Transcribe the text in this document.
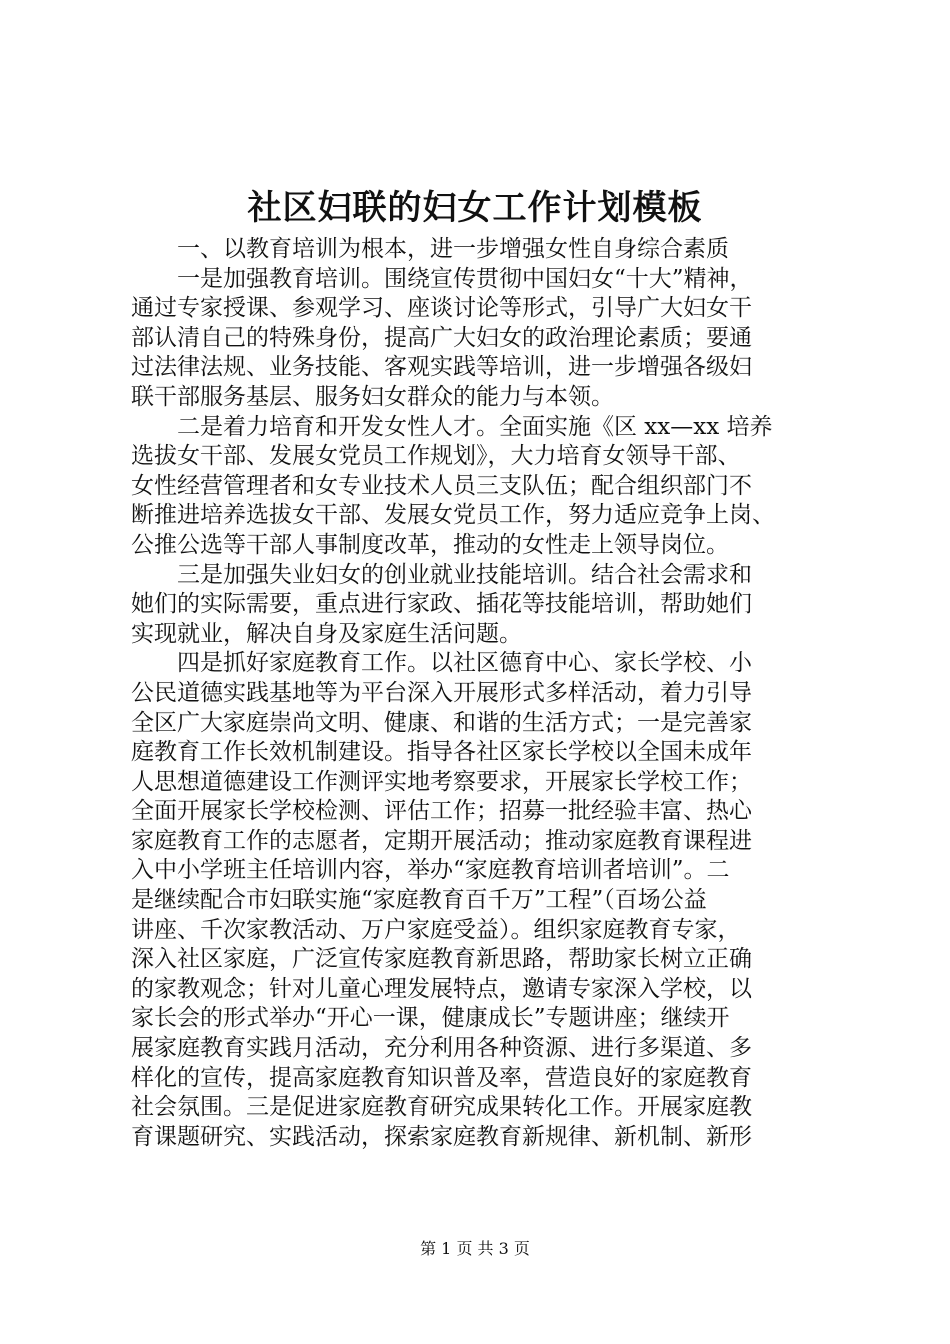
社区妇联的妇女工作计划模板
　　一、以教育培训为根本，进一步增强女性自身综合素质
　　一是加强教育培训。围绕宣传贯彻中国妇女“十大”精神，
通过专家授课、参观学习、座谈讨论等形式，引导广大妇女干
部认清自己的特殊身份，提高广大妇女的政治理论素质；要通
过法律法规、业务技能、客观实践等培训，进一步增强各级妇
联干部服务基层、服务妇女群众的能力与本领。
　　二是着力培育和开发女性人才。全面实施《区 xx—xx 培养
选拔女干部、发展女党员工作规划》，大力培育女领导干部、
女性经营管理者和女专业技术人员三支队伍；配合组织部门不
断推进培养选拔女干部、发展女党员工作，努力适应竞争上岗、
公推公选等干部人事制度改革，推动的女性走上领导岗位。
　　三是加强失业妇女的创业就业技能培训。结合社会需求和
她们的实际需要，重点进行家政、插花等技能培训，帮助她们
实现就业，解决自身及家庭生活问题。
　　四是抓好家庭教育工作。以社区德育中心、家长学校、小
公民道德实践基地等为平台深入开展形式多样活动，着力引导
全区广大家庭崇尚文明、健康、和谐的生活方式；一是完善家
庭教育工作长效机制建设。指导各社区家长学校以全国未成年
人思想道德建设工作测评实地考察要求，开展家长学校工作；
全面开展家长学校检测、评估工作；招募一批经验丰富、热心
家庭教育工作的志愿者，定期开展活动；推动家庭教育课程进
入中小学班主任培训内容，举办“家庭教育培训者培训”。二
是继续配合市妇联实施“家庭教育百千万”工程”（百场公益
讲座、千次家教活动、万户家庭受益）。组织家庭教育专家，
深入社区家庭，广泛宣传家庭教育新思路，帮助家长树立正确
的家教观念；针对儿童心理发展特点，邀请专家深入学校，以
家长会的形式举办“开心一课，健康成长”专题讲座；继续开
展家庭教育实践月活动，充分利用各种资源、进行多渠道、多
样化的宣传，提高家庭教育知识普及率，营造良好的家庭教育
社会氛围。三是促进家庭教育研究成果转化工作。开展家庭教
育课题研究、实践活动，探索家庭教育新规律、新机制、新形
第 1 页 共 3 页
